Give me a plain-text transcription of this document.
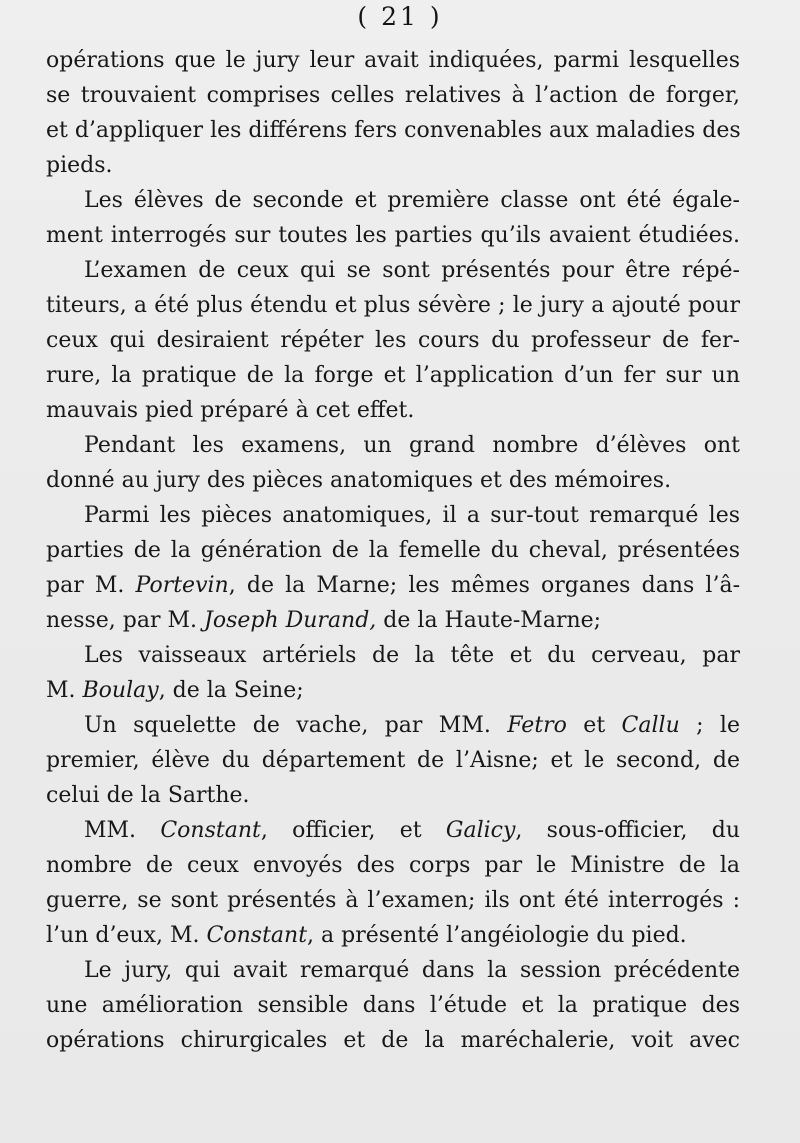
( 21 )
opérations que le jury leur avait indiquées, parmi lesquelles
se trouvaient comprises celles relatives à l’action de forger,
et d’appliquer les différens fers convenables aux maladies des
pieds.
Les élèves de seconde et première classe ont été égale-
ment interrogés sur toutes les parties qu’ils avaient étudiées.
L’examen de ceux qui se sont présentés pour être répé-
titeurs, a été plus étendu et plus sévère ; le jury a ajouté pour
ceux qui desiraient répéter les cours du professeur de fer-
rure, la pratique de la forge et l’application d’un fer sur un
mauvais pied préparé à cet effet.
Pendant les examens, un grand nombre d’élèves ont
donné au jury des pièces anatomiques et des mémoires.
Parmi les pièces anatomiques, il a sur-tout remarqué les
parties de la génération de la femelle du cheval, présentées
par M. Portevin, de la Marne; les mêmes organes dans l’â-
nesse, par M. Joseph Durand, de la Haute-Marne;
Les vaisseaux artériels de la tête et du cerveau, par
M. Boulay, de la Seine;
Un squelette de vache, par MM. Fetro et Callu ; le
premier, élève du département de l’Aisne; et le second, de
celui de la Sarthe.
MM. Constant, officier, et Galicy, sous-officier, du
nombre de ceux envoyés des corps par le Ministre de la
guerre, se sont présentés à l’examen; ils ont été interrogés :
l’un d’eux, M. Constant, a présenté l’angéiologie du pied.
Le jury, qui avait remarqué dans la session précédente
une amélioration sensible dans l’étude et la pratique des
opérations chirurgicales et de la maréchalerie, voit avec
